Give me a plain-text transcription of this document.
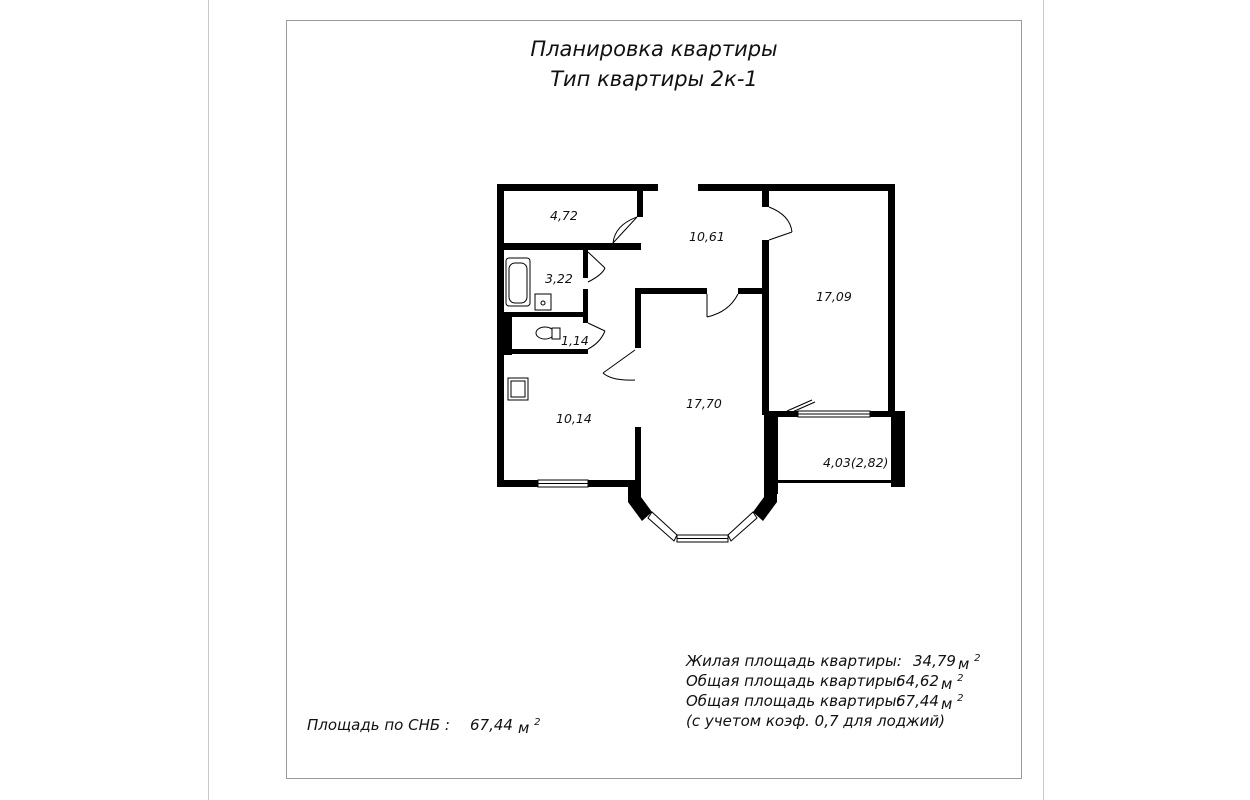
Планировка квартиры
Тип квартиры 2к-1
4,72
10,61
3,22
1,14
17,09
10,14
17,70
4,03(2,82)
Жилая площадь квартиры: 34,79 м $^2$
Общая площадь квартиры:
64,62 м $^2$
Общая площадь квартиры:
67,44 м $^2$
(с учетом коэф. 0,7 для лоджий)
Площадь по СНБ : 67,44 м $^2$
